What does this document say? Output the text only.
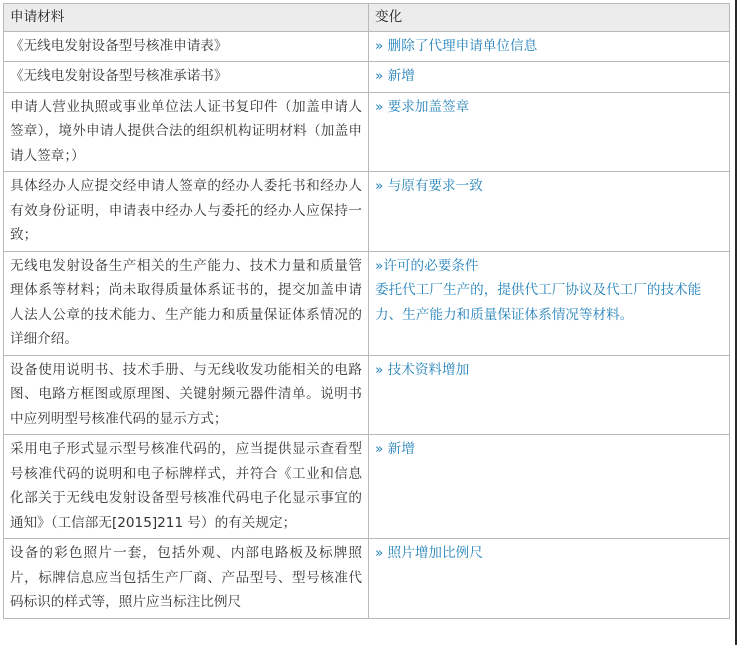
申请材料	变化
《无线电发射设备型号核准申请表》	» 删除了代理申请单位信息

《无线电发射设备型号核准承诺书》	» 新增

申请人营业执照或事业单位法人证书复印件（加盖申请人签章），境外申请人提供合法的组织机构证明材料（加盖申请人签章；）	» 要求加盖签章

具体经办人应提交经申请人签章的经办人委托书和经办人有效身份证明，申请表中经办人与委托的经办人应保持一致；	» 与原有要求一致

无线电发射设备生产相关的生产能力、技术力量和质量管理体系等材料；尚未取得质量体系证书的，提交加盖申请人法人公章的技术能力、生产能力和质量保证体系情况的详细介绍。	»许可的必要条件
委托代工厂生产的，提供代工厂协议及代工厂的技术能力、生产能力和质量保证体系情况等材料。

设备使用说明书、技术手册、与无线收发功能相关的电路图、电路方框图或原理图、关键射频元器件清单。说明书中应列明型号核准代码的显示方式；	» 技术资料增加

采用电子形式显示型号核准代码的，应当提供显示查看型号核准代码的说明和电子标牌样式，并符合《工业和信息化部关于无线电发射设备型号核准代码电子化显示事宜的通知》（工信部无[2015]211 号）的有关规定；	» 新增

设备的彩色照片一套，包括外观、内部电路板及标牌照片，标牌信息应当包括生产厂商、产品型号、型号核准代码标识的样式等，照片应当标注比例尺	» 照片增加比例尺
